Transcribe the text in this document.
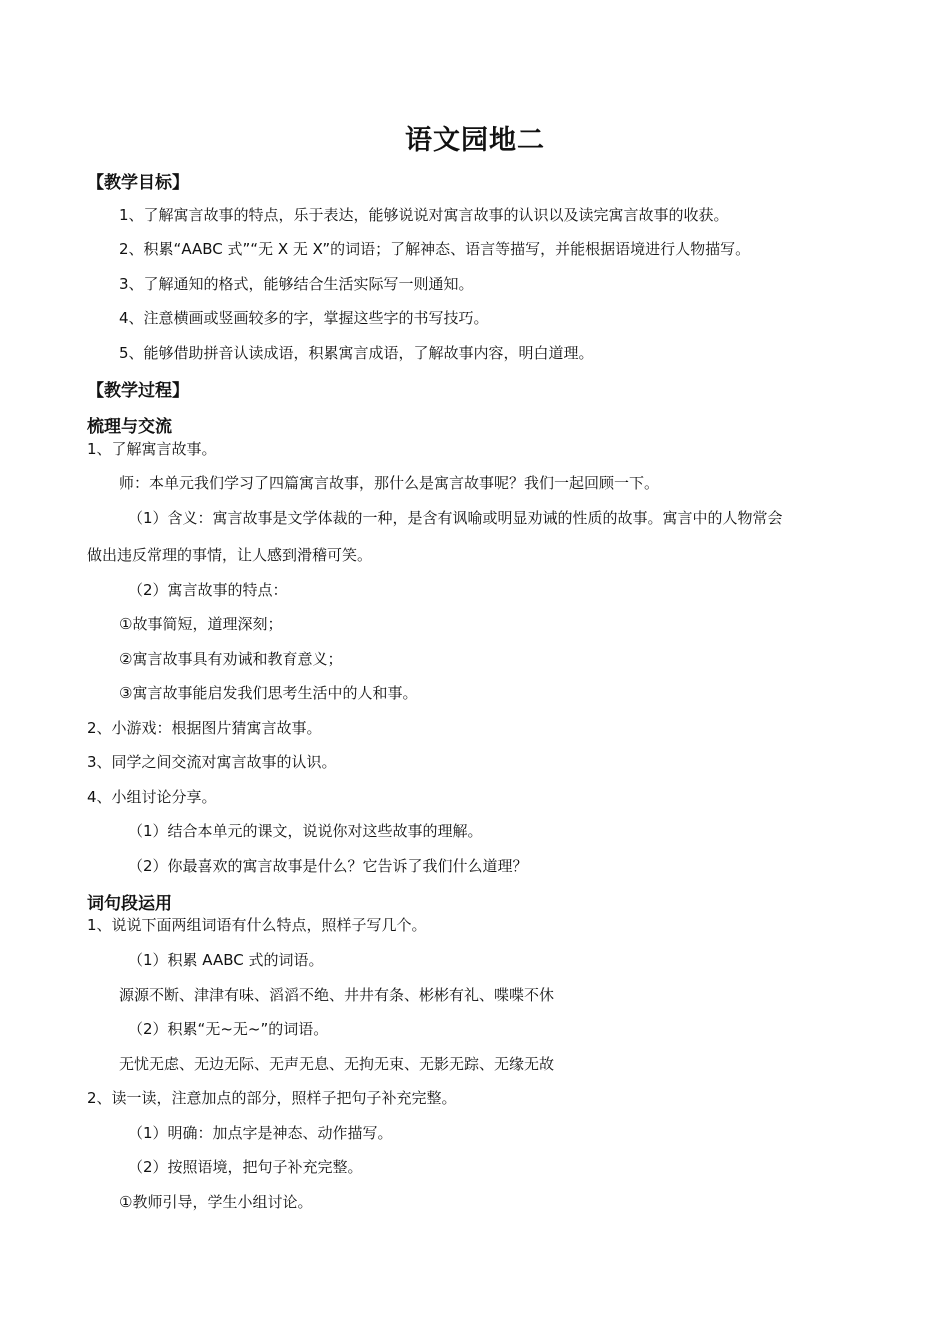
语文园地二
【教学目标】
1、了解寓言故事的特点，乐于表达，能够说说对寓言故事的认识以及读完寓言故事的收获。
2、积累“AABC 式”“无 X 无 X”的词语；了解神态、语言等描写，并能根据语境进行人物描写。
3、了解通知的格式，能够结合生活实际写一则通知。
4、注意横画或竖画较多的字，掌握这些字的书写技巧。
5、能够借助拼音认读成语，积累寓言成语，了解故事内容，明白道理。
【教学过程】
梳理与交流
1、了解寓言故事。
师：本单元我们学习了四篇寓言故事，那什么是寓言故事呢？我们一起回顾一下。
（1）含义：寓言故事是文学体裁的一种，是含有讽喻或明显劝诫的性质的故事。寓言中的人物常会
做出违反常理的事情，让人感到滑稽可笑。
（2）寓言故事的特点：
①故事简短，道理深刻；
②寓言故事具有劝诫和教育意义；
③寓言故事能启发我们思考生活中的人和事。
2、小游戏：根据图片猜寓言故事。
3、同学之间交流对寓言故事的认识。
4、小组讨论分享。
（1）结合本单元的课文，说说你对这些故事的理解。
（2）你最喜欢的寓言故事是什么？它告诉了我们什么道理？
词句段运用
1、说说下面两组词语有什么特点，照样子写几个。
（1）积累 AABC 式的词语。
源源不断、津津有味、滔滔不绝、井井有条、彬彬有礼、喋喋不休
（2）积累“无~无~”的词语。
无忧无虑、无边无际、无声无息、无拘无束、无影无踪、无缘无故
2、读一读，注意加点的部分，照样子把句子补充完整。
（1）明确：加点字是神态、动作描写。
（2）按照语境，把句子补充完整。
①教师引导，学生小组讨论。
